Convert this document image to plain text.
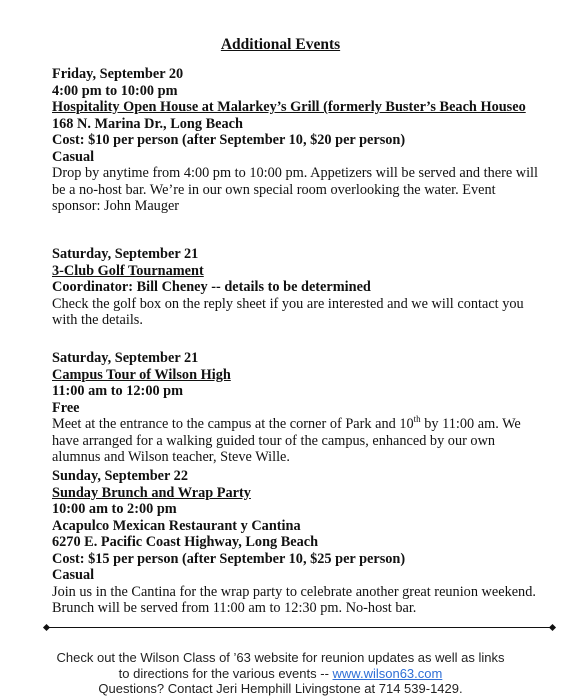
Additional Events
Friday, September 20
4:00 pm to 10:00 pm
Hospitality Open House at Malarkey’s Grill (formerly Buster’s Beach Houseo
168 N. Marina Dr., Long Beach
Cost: $10 per person (after September 10, $20 per person)
Casual

Drop by anytime from 4:00 pm to 10:00 pm. Appetizers will be served and there will be a no-host bar. We’re in our own special room overlooking the water. Event sponsor: John Mauger

Saturday, September 21
3-Club Golf Tournament
Coordinator: Bill Cheney -- details to be determined

Check the golf box on the reply sheet if you are interested and we will contact you with the details.

Saturday, September 21
Campus Tour of Wilson High
11:00 am to 12:00 pm
Free

Meet at the entrance to the campus at the corner of Park and 10th by 11:00 am. We have arranged for a walking guided tour of the campus, enhanced by our own alumnus and Wilson teacher, Steve Wille.

Sunday, September 22
Sunday Brunch and Wrap Party
10:00 am to 2:00 pm
Acapulco Mexican Restaurant y Cantina
6270 E. Pacific Coast Highway, Long Beach
Cost: $15 per person (after September 10, $25 per person)
Casual

Join us in the Cantina for the wrap party to celebrate another great reunion weekend. Brunch will be served from 11:00 am to 12:30 pm. No-host bar.

Check out the Wilson Class of ’63 website for reunion updates as well as links
to directions for the various events -- www.wilson63.com
Questions? Contact Jeri Hemphill Livingstone at 714 539-1429.
